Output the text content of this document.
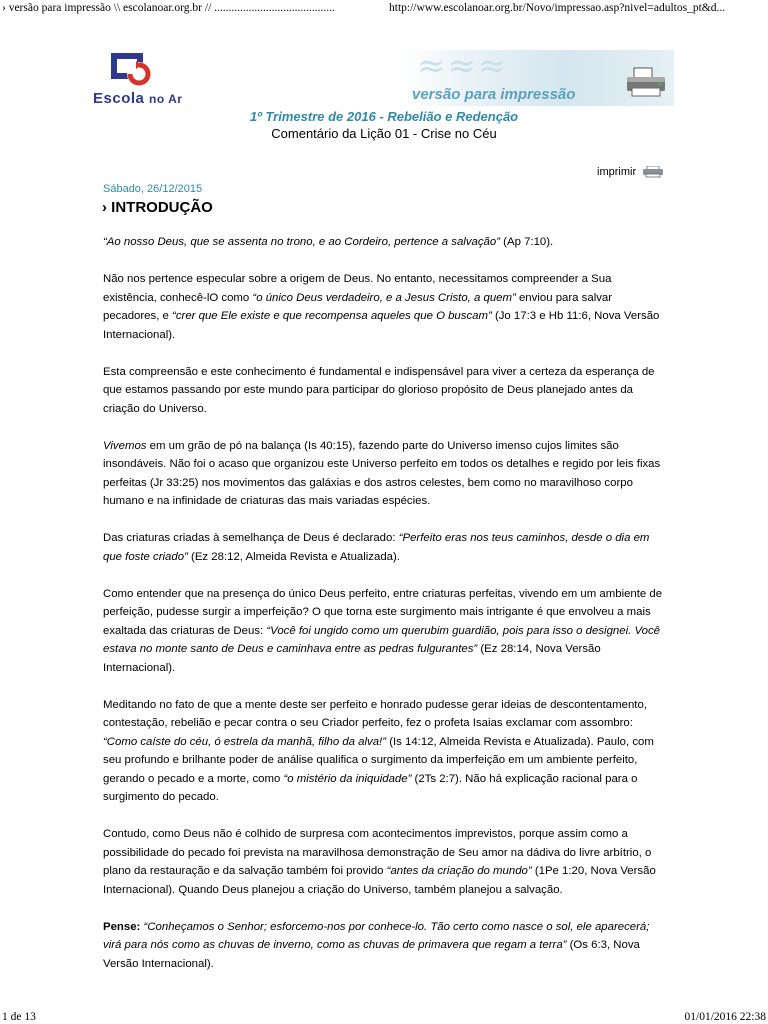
› versão para impressão \\ escolanoar.org.br // ..........................................	http://www.escolanoar.org.br/Novo/impressao.asp?nivel=adultos_pt&d...
Escola no Ar
≈≈≈
versão para impressão
1º Trimestre de 2016 - Rebelião e Redenção
Comentário da Lição 01 - Crise no Céu
imprimir
Sábado, 26/12/2015
› INTRODUÇÃO

“Ao nosso Deus, que se assenta no trono, e ao Cordeiro, pertence a salvação” (Ap 7:10).

Não nos pertence especular sobre a origem de Deus. No entanto, necessitamos compreender a Sua existência, conhecê-lO como “o único Deus verdadeiro, e a Jesus Cristo, a quem” enviou para salvar pecadores, e “crer que Ele existe e que recompensa aqueles que O buscam” (Jo 17:3 e Hb 11:6, Nova Versão Internacional).

Esta compreensão e este conhecimento é fundamental e indispensável para viver a certeza da esperança de que estamos passando por este mundo para participar do glorioso propósito de Deus planejado antes da criação do Universo.

Vivemos em um grão de pó na balança (Is 40:15), fazendo parte do Universo imenso cujos limites são insondáveis. Não foi o acaso que organizou este Universo perfeito em todos os detalhes e regido por leis fixas perfeitas (Jr 33:25) nos movimentos das galáxias e dos astros celestes, bem como no maravilhoso corpo humano e na infinidade de criaturas das mais variadas espécies.

Das criaturas criadas à semelhança de Deus é declarado: “Perfeito eras nos teus caminhos, desde o dia em que foste criado” (Ez 28:12, Almeida Revista e Atualizada).

Como entender que na presença do único Deus perfeito, entre criaturas perfeitas, vivendo em um ambiente de perfeição, pudesse surgir a imperfeição? O que torna este surgimento mais intrigante é que envolveu a mais exaltada das criaturas de Deus: “Você foi ungido como um querubim guardião, pois para isso o designei. Você estava no monte santo de Deus e caminhava entre as pedras fulgurantes” (Ez 28:14, Nova Versão Internacional).

Meditando no fato de que a mente deste ser perfeito e honrado pudesse gerar ideias de descontentamento, contestação, rebelião e pecar contra o seu Criador perfeito, fez o profeta Isaias exclamar com assombro: “Como caíste do céu, ó estrela da manhã, filho da alva!” (Is 14:12, Almeida Revista e Atualizada). Paulo, com seu profundo e brilhante poder de análise qualifica o surgimento da imperfeição em um ambiente perfeito, gerando o pecado e a morte, como “o mistério da iniquidade” (2Ts 2:7). Não há explicação racional para o surgimento do pecado.

Contudo, como Deus não é colhido de surpresa com acontecimentos imprevistos, porque assim como a possibilidade do pecado foi prevista na maravilhosa demonstração de Seu amor na dádiva do livre arbítrio, o plano da restauração e da salvação também foi provido “antes da criação do mundo” (1Pe 1:20, Nova Versão Internacional). Quando Deus planejou a criação do Universo, também planejou a salvação.

Pense: “Conheçamos o Senhor; esforcemo-nos por conhece-lo. Tão certo como nasce o sol, ele aparecerá; virá para nós como as chuvas de inverno, como as chuvas de primavera que regam a terra” (Os 6:3, Nova Versão Internacional).

1 de 13	01/01/2016 22:38
